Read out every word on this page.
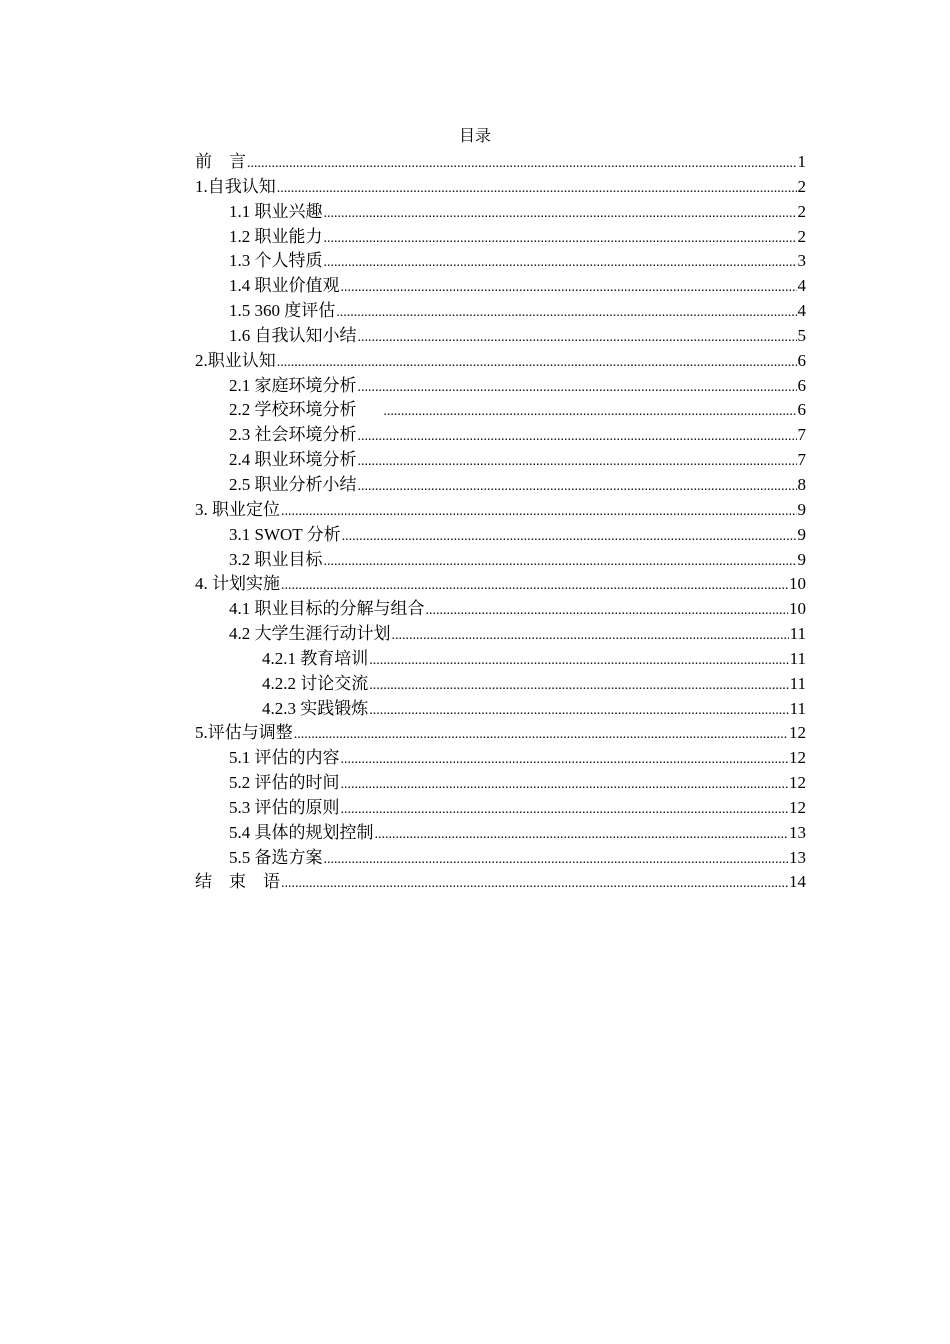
目录
前　言 .....	1
1.自我认知 .....	2
1.1 职业兴趣 .....	2
1.2 职业能力 .....	2
1.3 个人特质 .....	3
1.4 职业价值观 .....	4
1.5 360 度评估 .....	4
1.6 自我认知小结 .....	5
2.职业认知 .....	6
2.1 家庭环境分析 .....	6
2.2 学校环境分析 .....	6
2.3 社会环境分析 .....	7
2.4 职业环境分析 .....	7
2.5 职业分析小结 .....	8
3. 职业定位 .....	9
3.1 SWOT 分析 .....	9
3.2 职业目标 .....	9
4. 计划实施 .....	10
4.1 职业目标的分解与组合 .....	10
4.2 大学生涯行动计划 .....	11
4.2.1 教育培训 .....	11
4.2.2 讨论交流 .....	11
4.2.3 实践锻炼 .....	11
5.评估与调整 .....	12
5.1 评估的内容 .....	12
5.2 评估的时间 .....	12
5.3 评估的原则 .....	12
5.4 具体的规划控制 .....	13
5.5 备选方案 .....	13
结　束　语 .....	14
